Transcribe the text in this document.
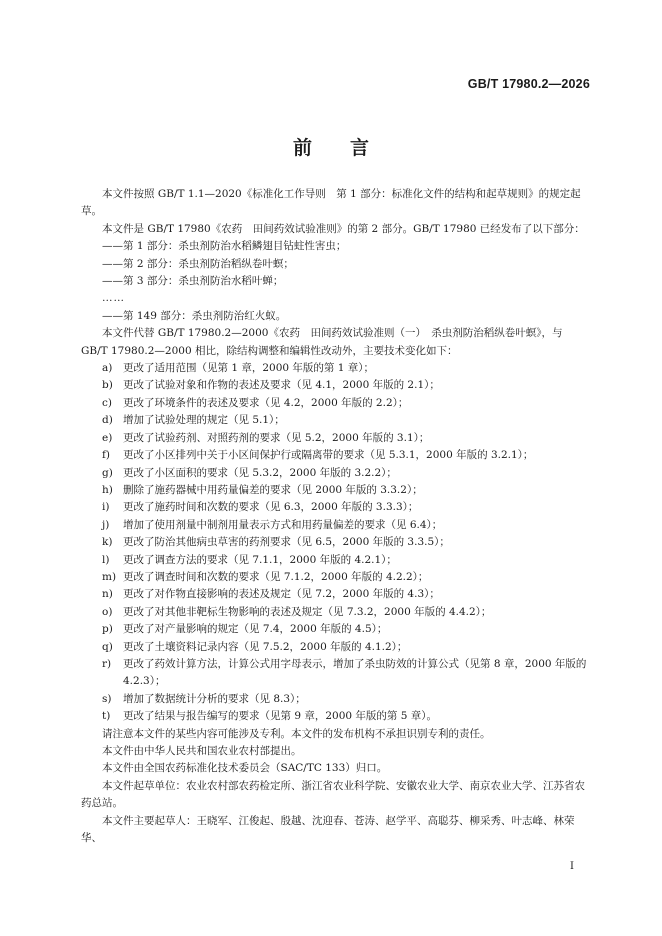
GB/T 17980.2—2026
前言

本文件按照 GB/T 1.1—2020《标准化工作导则　第 1 部分：标准化文件的结构和起草规则》的规定起草。

本文件是 GB/T 17980《农药　田间药效试验准则》的第 2 部分。GB/T 17980 已经发布了以下部分：

——第 1 部分：杀虫剂防治水稻鳞翅目钻蛀性害虫；

——第 2 部分：杀虫剂防治稻纵卷叶螟；

——第 3 部分：杀虫剂防治水稻叶蝉；

……

——第 149 部分：杀虫剂防治红火蚁。

本文件代替 GB/T 17980.2—2000《农药　田间药效试验准则（一）　杀虫剂防治稻纵卷叶螟》，与 GB/T 17980.2—2000 相比，除结构调整和编辑性改动外，主要技术变化如下：

a)	更改了适用范围（见第 1 章，2000 年版的第 1 章）；
b) 更改了试验对象和作物的表述及要求（见 4.1，2000 年版的 2.1）；
c)	更改了环境条件的表述及要求（见 4.2，2000 年版的 2.2）；
d) 增加了试验处理的规定（见 5.1）；
e)	更改了试验药剂、对照药剂的要求（见 5.2，2000 年版的 3.1）；
f)	更改了小区排列中关于小区间保护行或隔离带的要求（见 5.3.1，2000 年版的 3.2.1）；
g) 更改了小区面积的要求（见 5.3.2，2000 年版的 3.2.2）；
h) 删除了施药器械中用药量偏差的要求（见 2000 年版的 3.3.2）；
i)	更改了施药时间和次数的要求（见 6.3，2000 年版的 3.3.3）；
j)	增加了使用剂量中制剂用量表示方式和用药量偏差的要求（见 6.4）；
k)	更改了防治其他病虫草害的药剂要求（见 6.5，2000 年版的 3.3.5）；
l)	更改了调查方法的要求（见 7.1.1，2000 年版的 4.2.1）；
m) 更改了调查时间和次数的要求（见 7.1.2，2000 年版的 4.2.2）；
n) 更改了对作物直接影响的表述及规定（见 7.2，2000 年版的 4.3）；
o)	更改了对其他非靶标生物影响的表述及规定（见 7.3.2，2000 年版的 4.4.2）；
p) 更改了对产量影响的规定（见 7.4，2000 年版的 4.5）；
q) 更改了土壤资料记录内容（见 7.5.2，2000 年版的 4.1.2）；
r)	更改了药效计算方法，计算公式用字母表示，增加了杀虫防效的计算公式（见第 8 章，2000 年版的 4.2.3）；
s)	增加了数据统计分析的要求（见 8.3）；
t)	更改了结果与报告编写的要求（见第 9 章，2000 年版的第 5 章）。

请注意本文件的某些内容可能涉及专利。本文件的发布机构不承担识别专利的责任。

本文件由中华人民共和国农业农村部提出。

本文件由全国农药标准化技术委员会（SAC/TC 133）归口。

本文件起草单位：农业农村部农药检定所、浙江省农业科学院、安徽农业大学、南京农业大学、江苏省农药总站。

本文件主要起草人：王晓军、江俊起、殷越、沈迎春、苍涛、赵学平、高聪芬、柳采秀、叶志峰、林荣华、

I
